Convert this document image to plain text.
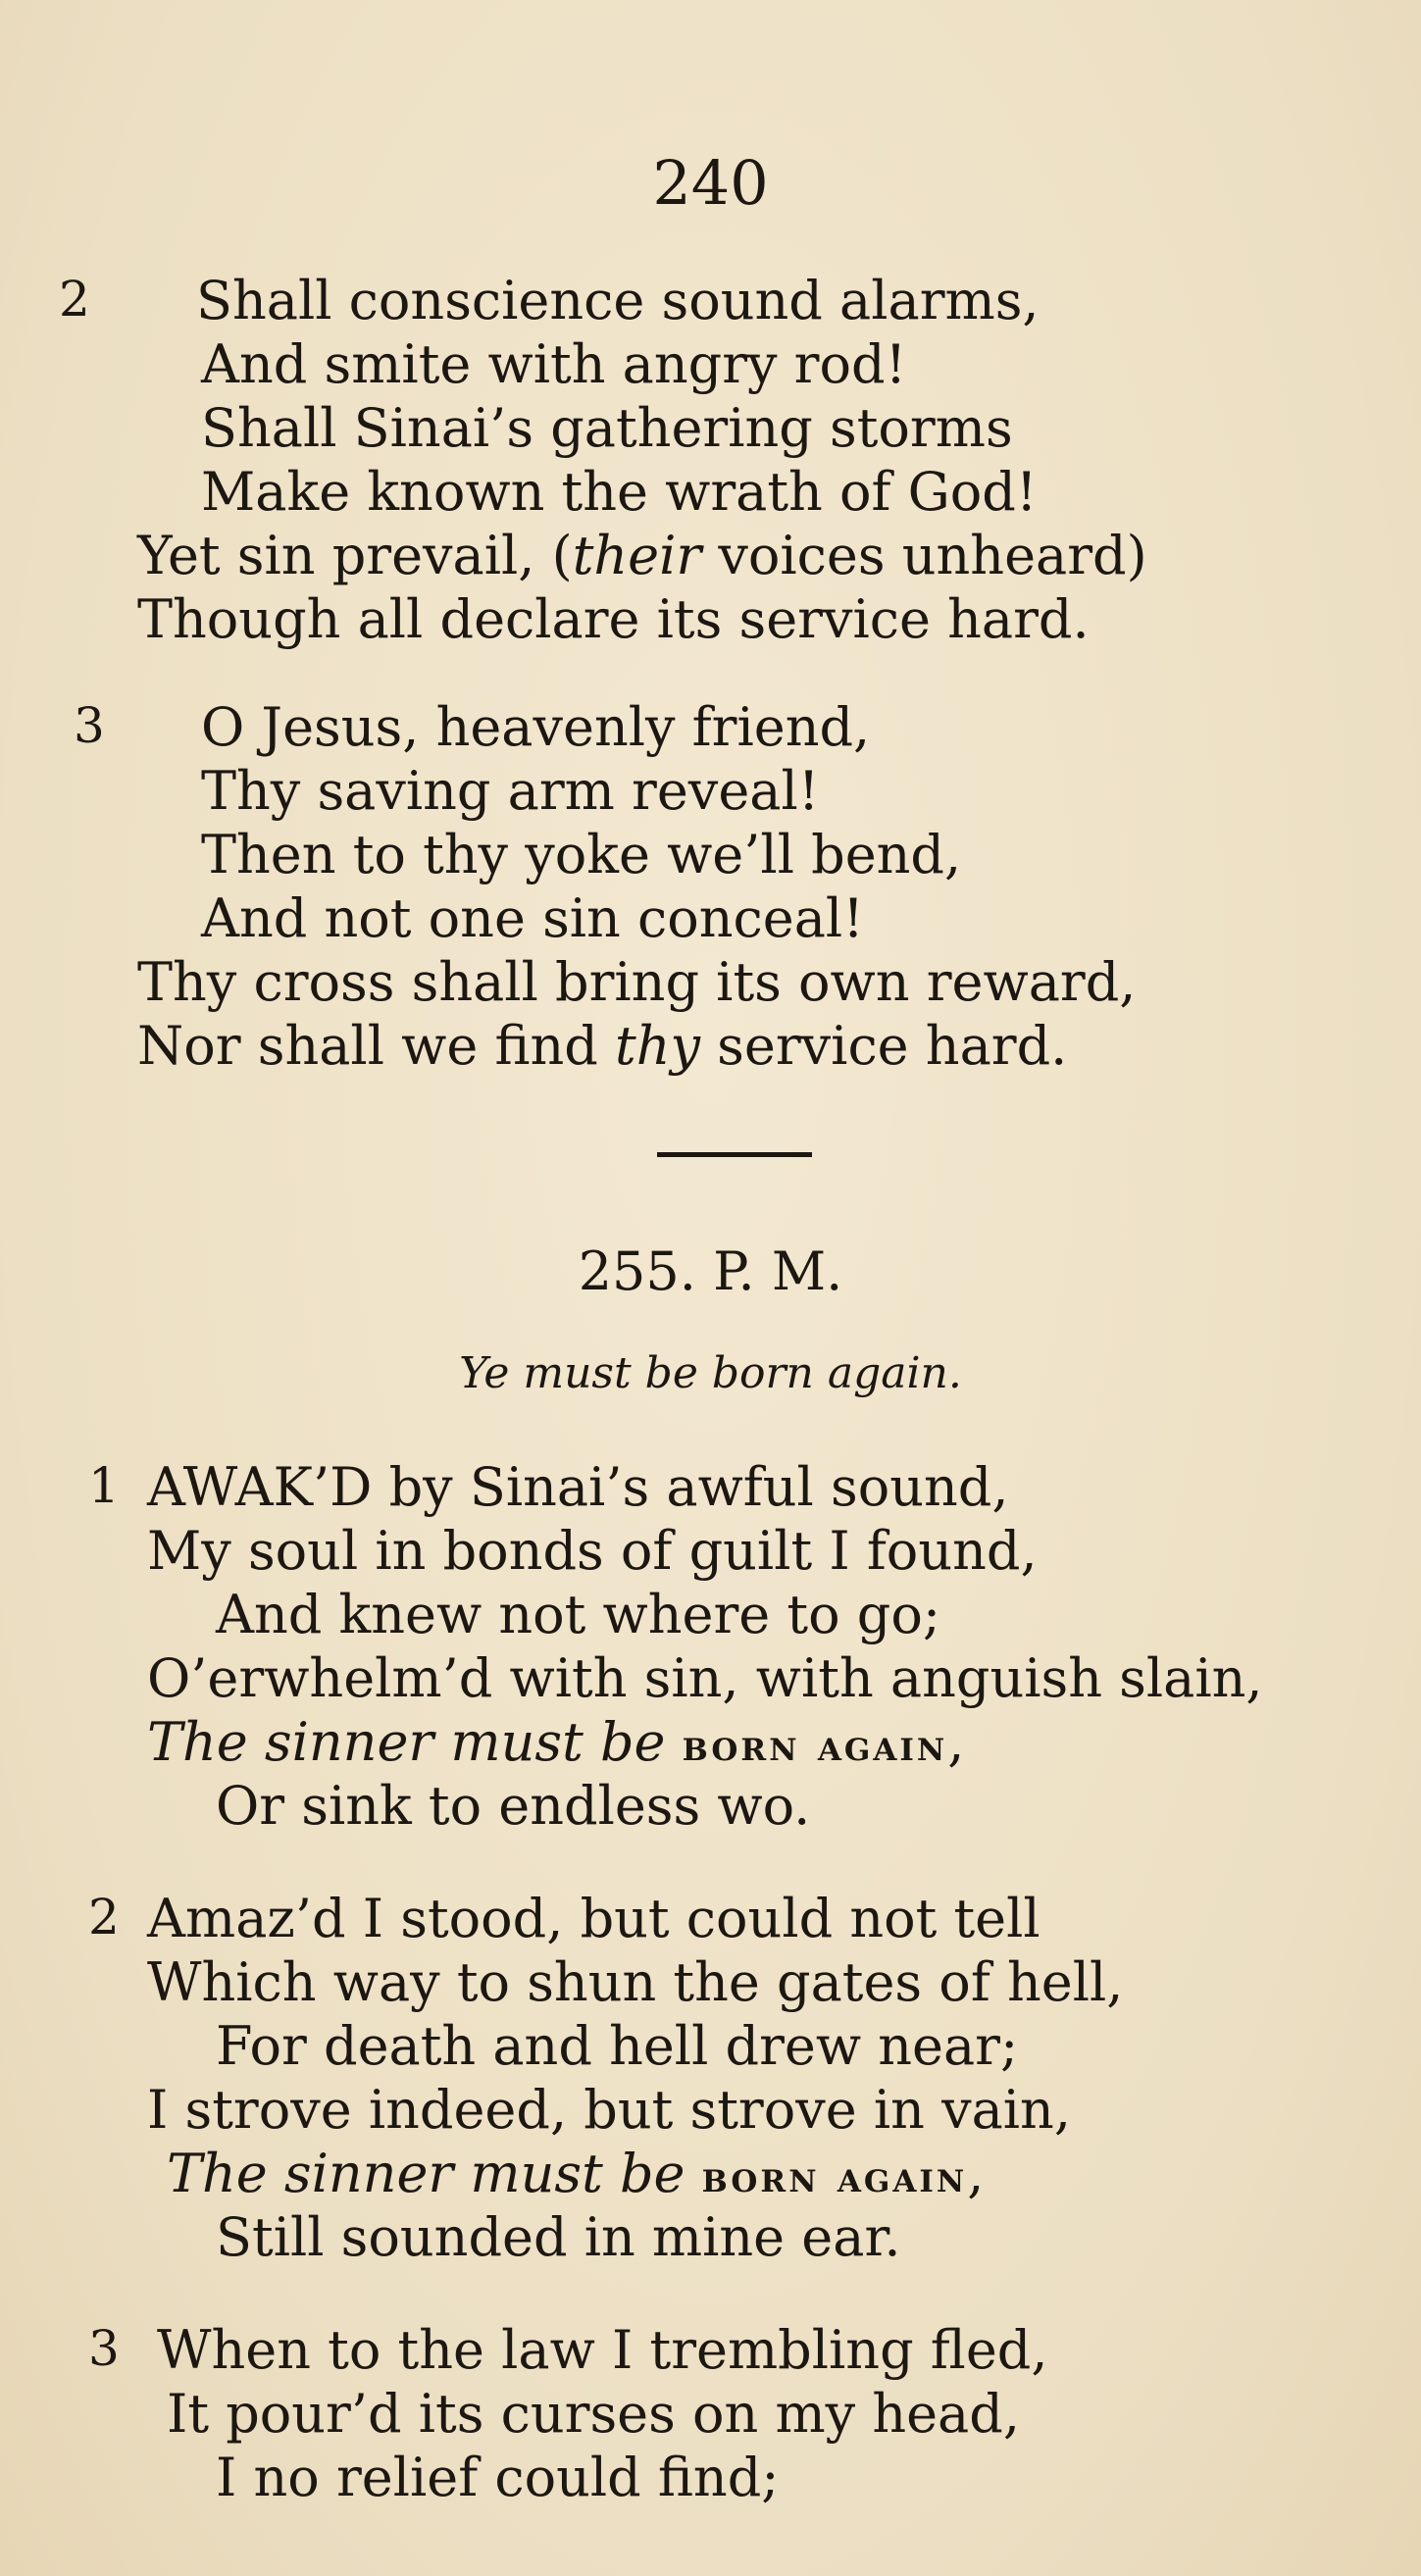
240
2 Shall conscience sound alarms,
And smite with angry rod!
Shall Sinai’s gathering storms
Make known the wrath of God!
Yet sin prevail, (their voices unheard)
Though all declare its service hard.
3 O Jesus, heavenly friend,
Thy saving arm reveal!
Then to thy yoke we’ll bend,
And not one sin conceal!
Thy cross shall bring its own reward,
Nor shall we find thy service hard.
255. P. M.
Ye must be born again.
1 AWAK’D by Sinai’s awful sound,
My soul in bonds of guilt I found,
And knew not where to go;
O’erwhelm’d with sin, with anguish slain,
The sinner must be born again,
Or sink to endless wo.
2 Amaz’d I stood, but could not tell
Which way to shun the gates of hell,
For death and hell drew near;
I strove indeed, but strove in vain,
The sinner must be born again,
Still sounded in mine ear.
3 When to the law I trembling fled,
It pour’d its curses on my head,
I no relief could find;
